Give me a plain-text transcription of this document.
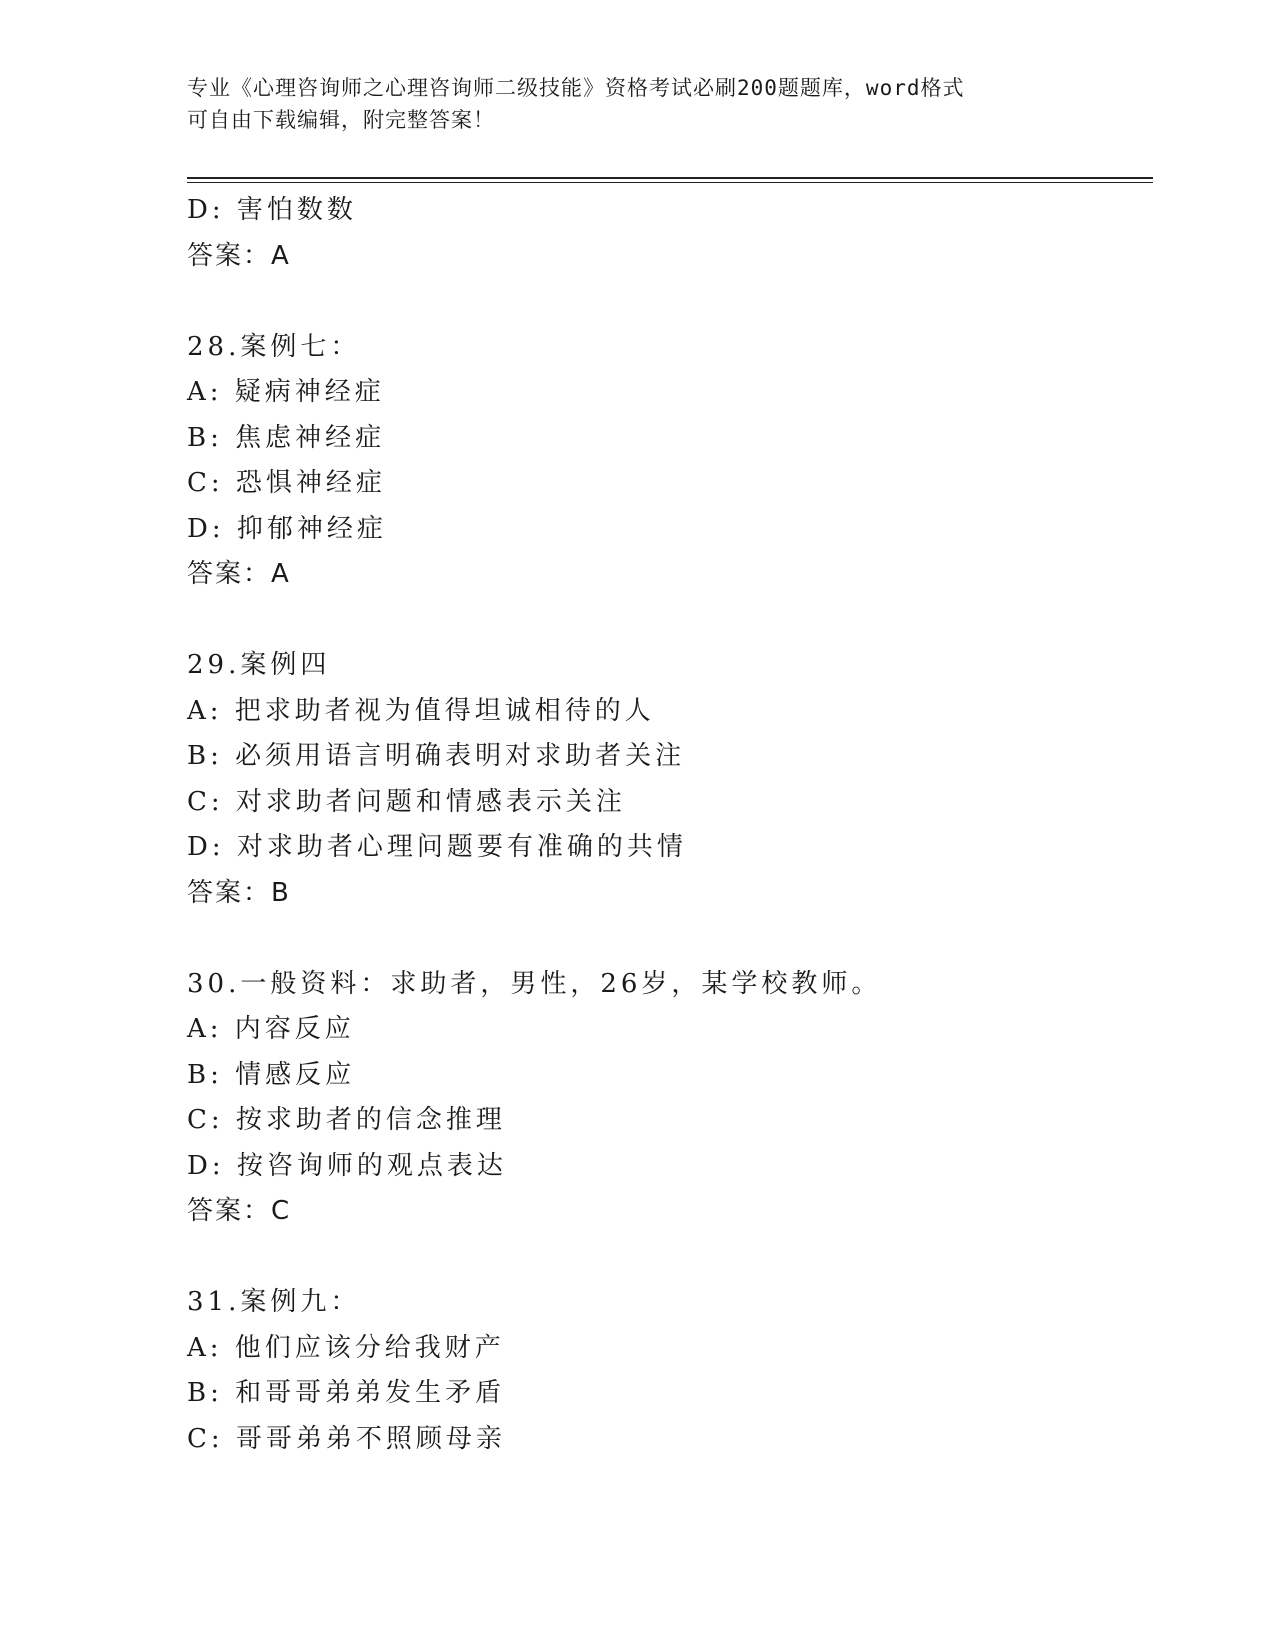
专业《心理咨询师之心理咨询师二级技能》资格考试必刷200题题库，word格式
可自由下载编辑，附完整答案！
D: 害怕数数
答案：A
28.案例七：
A: 疑病神经症
B: 焦虑神经症
C: 恐惧神经症
D: 抑郁神经症
答案：A
29.案例四
A: 把求助者视为值得坦诚相待的人
B: 必须用语言明确表明对求助者关注
C: 对求助者问题和情感表示关注
D: 对求助者心理问题要有准确的共情
答案：B
30.一般资料：求助者，男性，26岁，某学校教师。
A: 内容反应
B: 情感反应
C: 按求助者的信念推理
D: 按咨询师的观点表达
答案：C
31.案例九：
A: 他们应该分给我财产
B: 和哥哥弟弟发生矛盾
C: 哥哥弟弟不照顾母亲
